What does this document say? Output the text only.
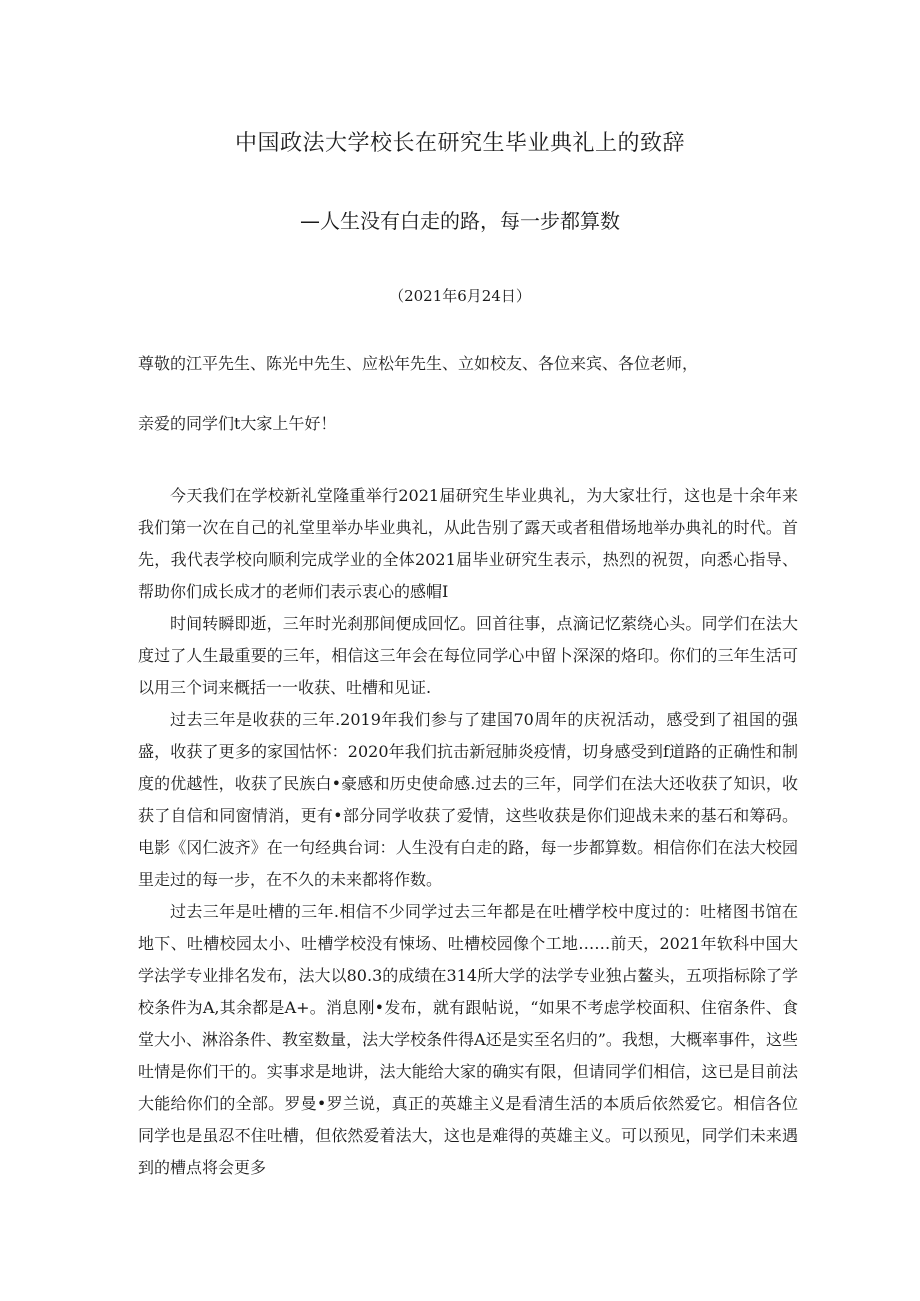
中国政法大学校长在研究生毕业典礼上的致辞
—人生没有白走的路，每一步都算数
（2021年6月24日）
尊敬的江平先生、陈光中先生、应松年先生、立如校友、各位来宾、各位老师，
亲爱的同学们t大家上午好！

今天我们在学校新礼堂隆重举行2021届研究生毕业典礼，为大家壮行，这也是十余年来我们第一次在自己的礼堂里举办毕业典礼，从此告别了露天或者租借场地举办典礼的时代。首先，我代表学校向顺利完成学业的全体2021届毕业研究生表示，热烈的祝贺，向悉心指导、帮助你们成长成才的老师们表示衷心的感帽I

时间转瞬即逝，三年时光刹那间便成回忆。回首往事，点滴记忆萦绕心头。同学们在法大度过了人生最重要的三年，相信这三年会在每位同学心中留卜深深的烙印。你们的三年生活可以用三个词来概括一一收获、吐槽和见证.

过去三年是收获的三年.2019年我们参与了建国70周年的庆祝活动，感受到了祖国的强盛，收获了更多的家国怙怀：2020年我们抗击新冠肺炎疫情，切身感受到f道路的正确性和制度的优越性，收获了民族白•豪感和历史使命感.过去的三年，同学们在法大还收获了知识，收获了自信和同窗情消，更有•部分同学收获了爱情，这些收获是你们迎战未来的基石和筹码。电影《冈仁波齐》在一句经典台词：人生没有白走的路，每一步都算数。相信你们在法大校园里走过的每一步，在不久的未来都将作数。

过去三年是吐槽的三年.相信不少同学过去三年都是在吐槽学校中度过的：吐楮图书馆在地下、吐槽校园太小、吐槽学校没有悚场、吐槽校园像个工地……前天，2021年软科中国大学法学专业排名发布，法大以80.3的成绩在314所大学的法学专业独占鳌头，五项指标除了学校条件为A,其余都是A+。消息刚•发布，就有跟帖说，“如果不考虑学校面积、住宿条件、食堂大小、淋浴条件、教室数量，法大学校条件得A还是实至名归的”。我想，大概率事件，这些吐情是你们干的。实事求是地讲，法大能给大家的确实有限，但请同学们相信，这已是目前法大能给你们的全部。罗曼•罗兰说，真正的英雄主义是看清生活的本质后依然爱它。相信各位同学也是虽忍不住吐槽，但依然爱着法大，这也是难得的英雄主义。可以预见，同学们未来遇到的槽点将会更多
